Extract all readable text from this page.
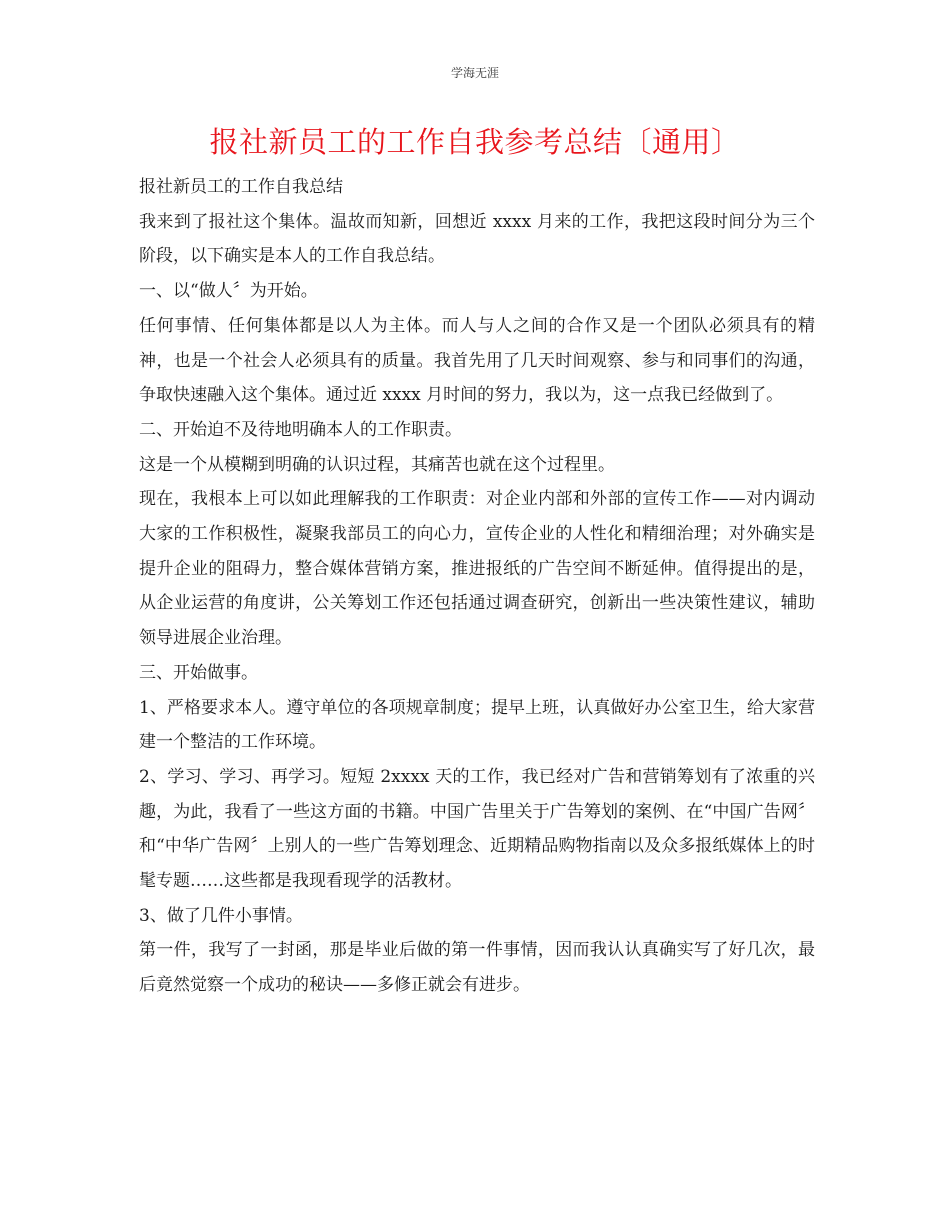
学海无涯
报社新员工的工作自我参考总结〔通用〕

报社新员工的工作自我总结

我来到了报社这个集体。温故而知新，回想近 xxxx 月来的工作，我把这段时间分为三个阶段，以下确实是本人的工作自我总结。

一、以“做人〞为开始。

任何事情、任何集体都是以人为主体。而人与人之间的合作又是一个团队必须具有的精神，也是一个社会人必须具有的质量。我首先用了几天时间观察、参与和同事们的沟通，争取快速融入这个集体。通过近 xxxx 月时间的努力，我以为，这一点我已经做到了。

二、开始迫不及待地明确本人的工作职责。

这是一个从模糊到明确的认识过程，其痛苦也就在这个过程里。

现在，我根本上可以如此理解我的工作职责：对企业内部和外部的宣传工作——对内调动大家的工作积极性，凝聚我部员工的向心力，宣传企业的人性化和精细治理；对外确实是提升企业的阻碍力，整合媒体营销方案，推进报纸的广告空间不断延伸。值得提出的是，从企业运营的角度讲，公关筹划工作还包括通过调查研究，创新出一些决策性建议，辅助领导进展企业治理。

三、开始做事。

1、严格要求本人。遵守单位的各项规章制度；提早上班，认真做好办公室卫生，给大家营建一个整洁的工作环境。

2、学习、学习、再学习。短短 2xxxx 天的工作，我已经对广告和营销筹划有了浓重的兴趣，为此，我看了一些这方面的书籍。中国广告里关于广告筹划的案例、在“中国广告网〞和“中华广告网〞上别人的一些广告筹划理念、近期精品购物指南以及众多报纸媒体上的时髦专题……这些都是我现看现学的活教材。

3、做了几件小事情。

第一件，我写了一封函，那是毕业后做的第一件事情，因而我认认真确实写了好几次，最后竟然觉察一个成功的秘诀——多修正就会有进步。
